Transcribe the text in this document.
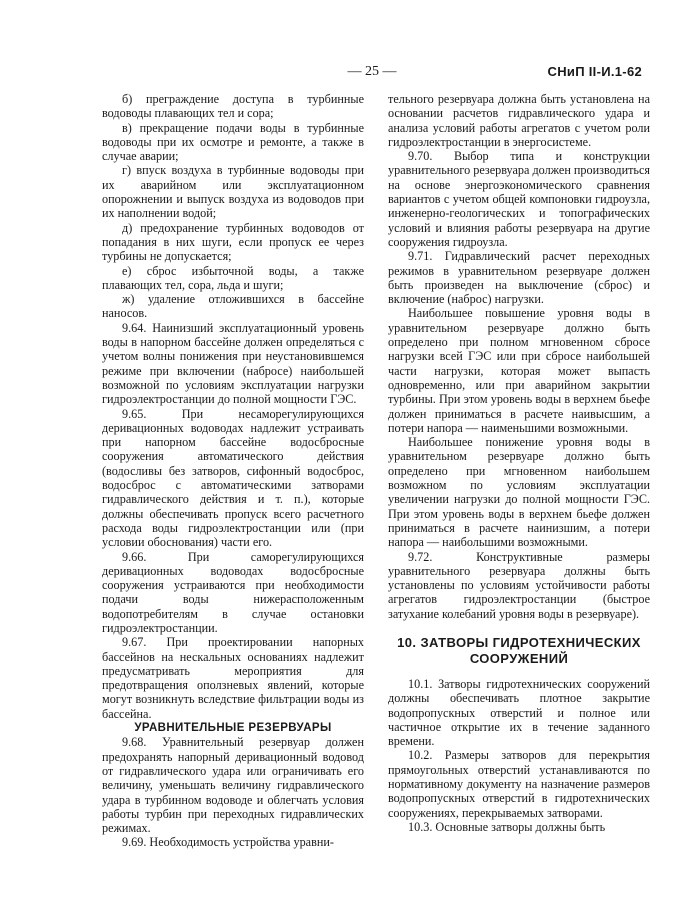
— 25 —	СНиП II-И.1-62

б) преграждение доступа в турбинные водоводы плавающих тел и сора;

в) прекращение подачи воды в турбинные водоводы при их осмотре и ремонте, а также в случае аварии;

г) впуск воздуха в турбинные водоводы при их аварийном или эксплуатационном опорожнении и выпуск воздуха из водоводов при их наполнении водой;

д) предохранение турбинных водоводов от попадания в них шуги, если пропуск ее через турбины не допускается;

е) сброс избыточной воды, а также плавающих тел, сора, льда и шуги;

ж) удаление отложившихся в бассейне наносов.

9.64. Наинизший эксплуатационный уровень воды в напорном бассейне должен определяться с учетом волны понижения при неустановившемся режиме при включении (набросе) наибольшей возможной по условиям эксплуатации нагрузки гидроэлектростанции до полной мощности ГЭС.

9.65. При несаморегулирующихся деривационных водоводах надлежит устраивать при напорном бассейне водосбросные сооружения автоматического действия (водосливы без затворов, сифонный водосброс, водосброс с автоматическими затворами гидравлического действия и т. п.), которые должны обеспечивать пропуск всего расчетного расхода воды гидроэлектростанции или (при условии обоснования) части его.

9.66. При саморегулирующихся деривационных водоводах водосбросные сооружения устраиваются при необходимости подачи воды нижерасположенным водопотребителям в случае остановки гидроэлектростанции.

9.67. При проектировании напорных бассейнов на нескальных основаниях надлежит предусматривать мероприятия для предотвращения оползневых явлений, которые могут возникнуть вследствие фильтрации воды из бассейна.

УРАВНИТЕЛЬНЫЕ РЕЗЕРВУАРЫ

9.68. Уравнительный резервуар должен предохранять напорный деривационный водовод от гидравлического удара или ограничивать его величину, уменьшать величину гидравлического удара в турбинном водоводе и облегчать условия работы турбин при переходных гидравлических режимах.

9.69. Необходимость устройства уравни-

тельного резервуара должна быть установлена на основании расчетов гидравлического удара и анализа условий работы агрегатов с учетом роли гидроэлектростанции в энергосистеме.

9.70. Выбор типа и конструкции уравнительного резервуара должен производиться на основе энергоэкономического сравнения вариантов с учетом общей компоновки гидроузла, инженерно-геологических и топографических условий и влияния работы резервуара на другие сооружения гидроузла.

9.71. Гидравлический расчет переходных режимов в уравнительном резервуаре должен быть произведен на выключение (сброс) и включение (наброс) нагрузки.

Наибольшее повышение уровня воды в уравнительном резервуаре должно быть определено при полном мгновенном сбросе нагрузки всей ГЭС или при сбросе наибольшей части нагрузки, которая может выпасть одновременно, или при аварийном закрытии турбины. При этом уровень воды в верхнем бьефе должен приниматься в расчете наивысшим, а потери напора — наименьшими возможными.

Наибольшее понижение уровня воды в уравнительном резервуаре должно быть определено при мгновенном наибольшем возможном по условиям эксплуатации увеличении нагрузки до полной мощности ГЭС. При этом уровень воды в верхнем бьефе должен приниматься в расчете наинизшим, а потери напора — наибольшими возможными.

9.72. Конструктивные размеры уравнительного резервуара должны быть установлены по условиям устойчивости работы агрегатов гидроэлектростанции (быстрое затухание колебаний уровня воды в резервуаре).

10. ЗАТВОРЫ ГИДРОТЕХНИЧЕСКИХ СООРУЖЕНИЙ

10.1. Затворы гидротехнических сооружений должны обеспечивать плотное закрытие водопропускных отверстий и полное или частичное открытие их в течение заданного времени.

10.2. Размеры затворов для перекрытия прямоугольных отверстий устанавливаются по нормативному документу на назначение размеров водопропускных отверстий в гидротехнических сооружениях, перекрываемых затворами.

10.3. Основные затворы должны быть
